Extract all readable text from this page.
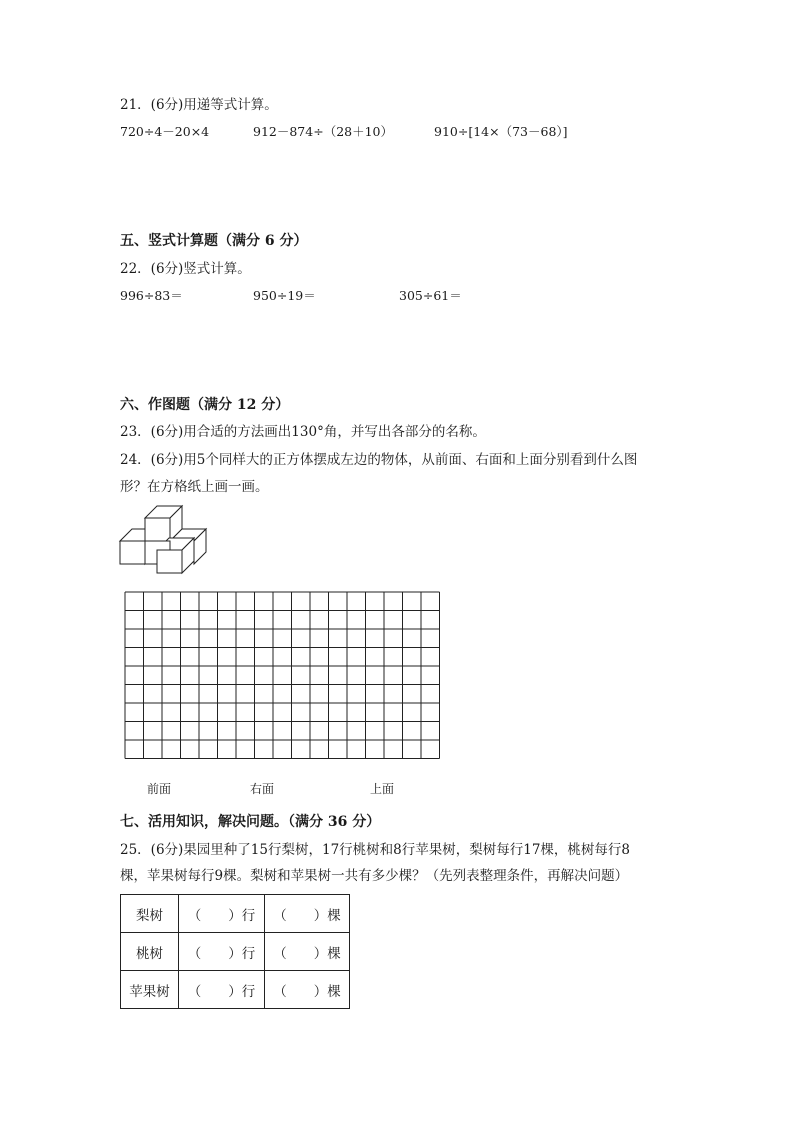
21．(6分)用递等式计算。
720÷4－20×4	912－874÷（28＋10）	910÷[14×（73－68）]
五、竖式计算题（满分 6 分）
22．(6分)竖式计算。
996÷83＝	950÷19＝	305÷61＝
六、作图题（满分 12 分）
23．(6分)用合适的方法画出130°角，并写出各部分的名称。
24．(6分)用5个同样大的正方体摆成左边的物体，从前面、右面和上面分别看到什么图
形？在方格纸上画一画。
前面	右面	上面
七、活用知识，解决问题。（满分 36 分）
25．(6分)果园里种了15行梨树，17行桃树和8行苹果树，梨树每行17棵，桃树每行8
棵，苹果树每行9棵。梨树和苹果树一共有多少棵？（先列表整理条件，再解决问题）
梨树	（　　）行	（　　）棵
桃树	（　　）行	（　　）棵
苹果树	（　　）行	（　　）棵
